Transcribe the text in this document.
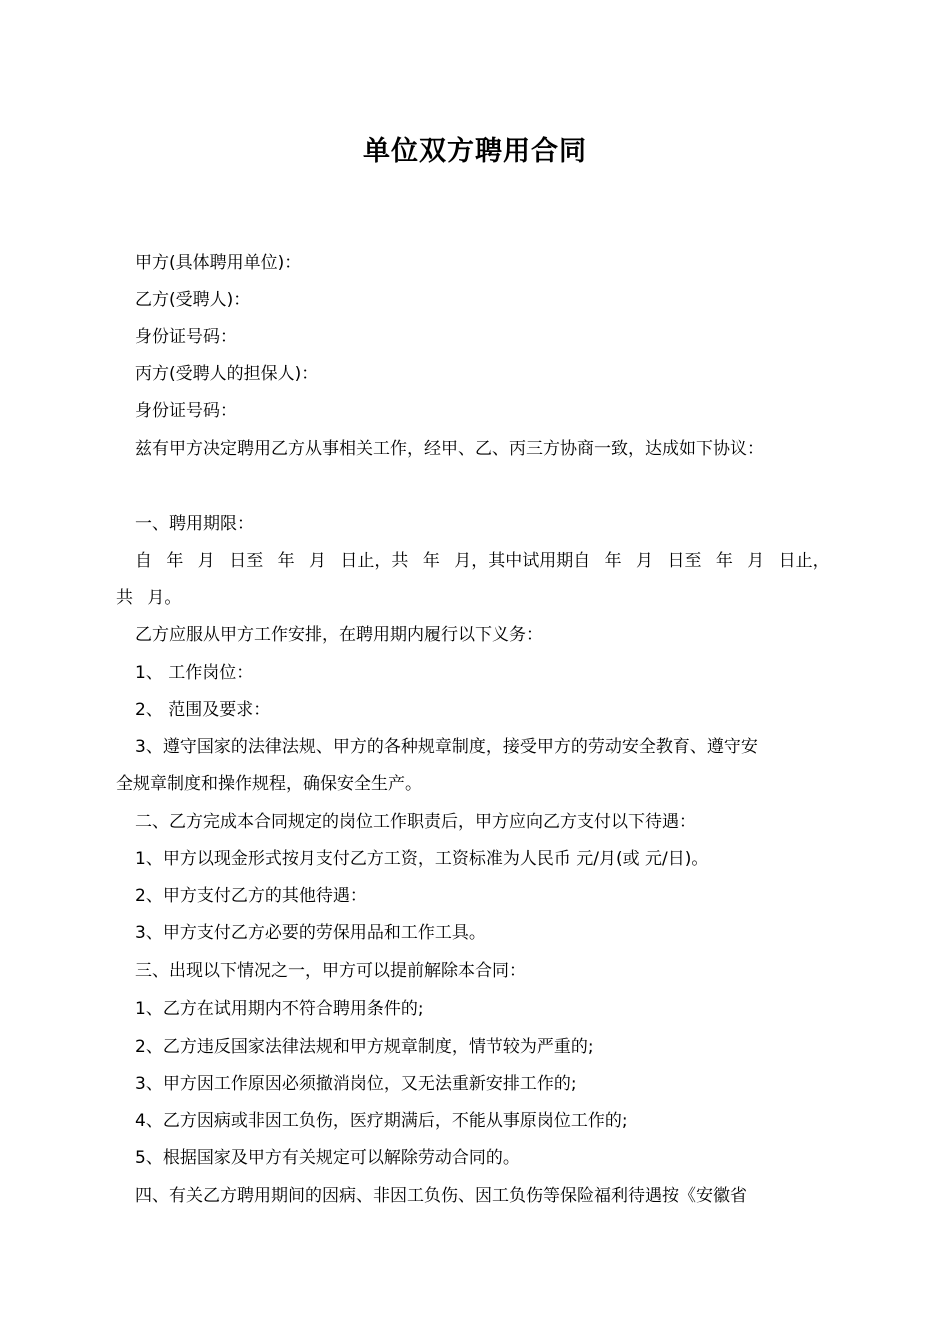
单位双方聘用合同
甲方(具体聘用单位)：
乙方(受聘人)：
身份证号码：
丙方(受聘人的担保人)：
身份证号码：
兹有甲方决定聘用乙方从事相关工作，经甲、乙、丙三方协商一致，达成如下协议：
一、聘用期限：
自 年 月 日至 年 月 日止，共 年 月，其中试用期自 年 月 日至 年 月 日止，
共 月。
乙方应服从甲方工作安排，在聘用期内履行以下义务：
1、 工作岗位：
2、 范围及要求：
3、遵守国家的法律法规、甲方的各种规章制度，接受甲方的劳动安全教育、遵守安
全规章制度和操作规程，确保安全生产。
二、乙方完成本合同规定的岗位工作职责后，甲方应向乙方支付以下待遇：
1、甲方以现金形式按月支付乙方工资，工资标准为人民币 元/月(或 元/日)。
2、甲方支付乙方的其他待遇：
3、甲方支付乙方必要的劳保用品和工作工具。
三、出现以下情况之一，甲方可以提前解除本合同：
1、乙方在试用期内不符合聘用条件的;
2、乙方违反国家法律法规和甲方规章制度，情节较为严重的;
3、甲方因工作原因必须撤消岗位，又无法重新安排工作的;
4、乙方因病或非因工负伤，医疗期满后，不能从事原岗位工作的;
5、根据国家及甲方有关规定可以解除劳动合同的。
四、有关乙方聘用期间的因病、非因工负伤、因工负伤等保险福利待遇按《安徽省
